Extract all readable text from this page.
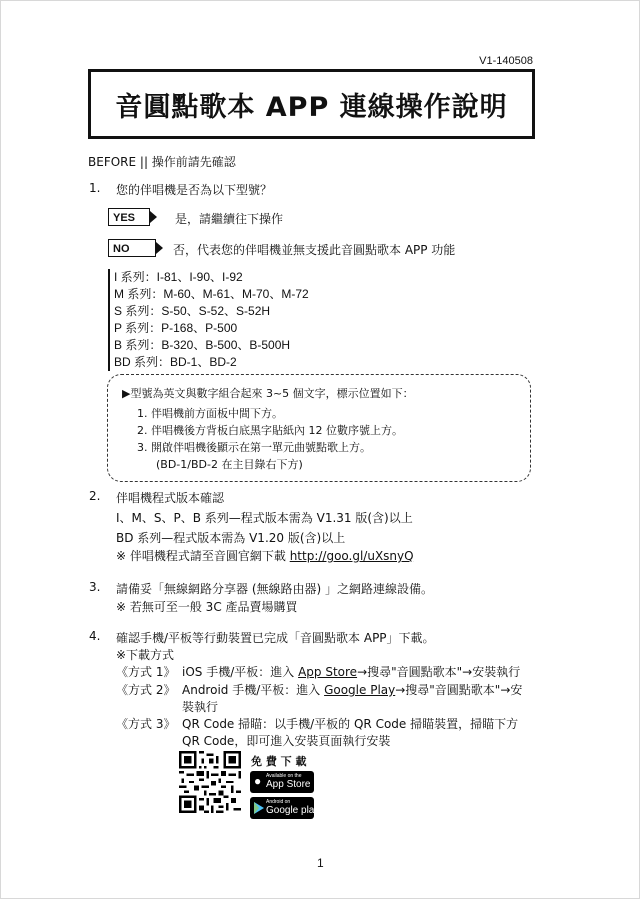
V1-140508
音圓點歌本 APP 連線操作說明
BEFORE || 操作前請先確認
1. 您的伴唱機是否為以下型號？
YES	是，請繼續往下操作
NO	否，代表您的伴唱機並無支援此音圓點歌本 APP 功能
I 系列：I-81、I-90、I-92
M 系列：M-60、M-61、M-70、M-72
S 系列：S-50、S-52、S-52H
P 系列：P-168、P-500
B 系列：B-320、B-500、B-500H
BD 系列：BD-1、BD-2
▶型號為英文與數字組合起來 3~5 個文字，標示位置如下：
1. 伴唱機前方面板中間下方。
2. 伴唱機後方背板白底黑字貼紙內 12 位數序號上方。
3. 開啟伴唱機後顯示在第一單元曲號點歌上方。
(BD-1/BD-2 在主目錄右下方)
2. 伴唱機程式版本確認
I、M、S、P、B 系列—程式版本需為 V1.31 版(含)以上
BD 系列—程式版本需為 V1.20 版(含)以上
※ 伴唱機程式請至音圓官網下載 http://goo.gl/uXsnyQ
3. 請備妥「無線網路分享器 (無線路由器) 」之網路連線設備。
※ 若無可至一般 3C 產品賣場購買
4. 確認手機/平板等行動裝置已完成「音圓點歌本 APP」下載。
※下載方式
《方式 1》 iOS 手機/平板：進入 App Store→搜尋"音圓點歌本"→安裝執行
《方式 2》 Android 手機/平板：進入 Google Play→搜尋"音圓點歌本"→安
裝執行
《方式 3》 QR Code 掃瞄：以手機/平板的 QR Code 掃瞄裝置，掃瞄下方
QR Code，即可進入安裝頁面執行安裝
免 費 下 載
● Available on the
App Store
Android on
Google play
1
